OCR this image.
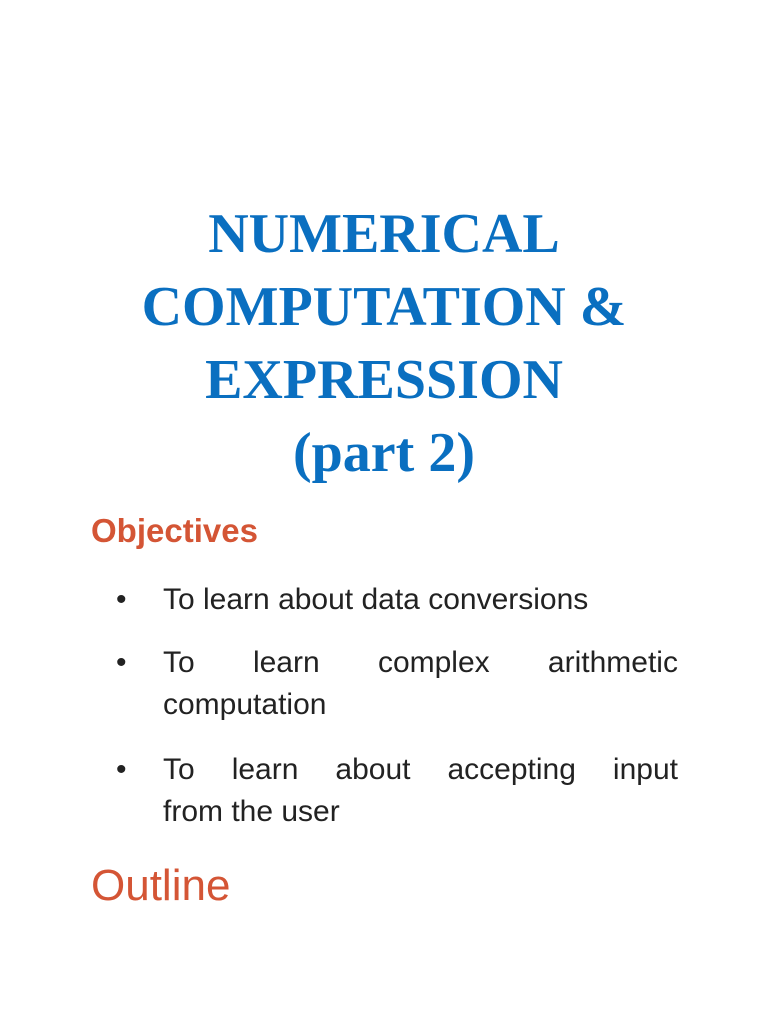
NUMERICAL
COMPUTATION &
EXPRESSION
(part 2)
Objectives
• To learn about data conversions

• To learn complex arithmetic
computation

• To learn about accepting input
from the user

Outline
